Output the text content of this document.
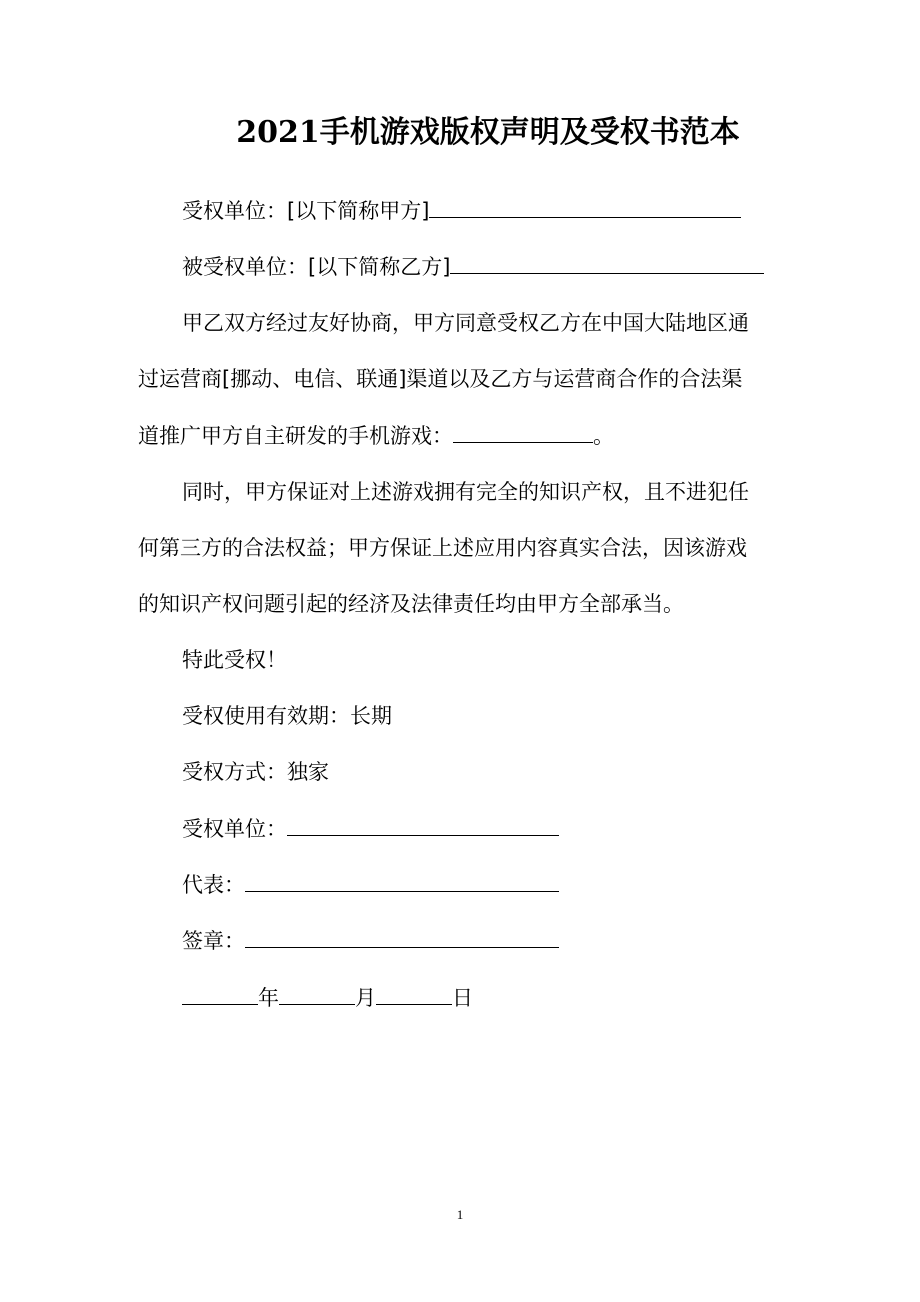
2021手机游戏版权声明及受权书范本
受权单位：[以下简称甲方]
被受权单位：[以下简称乙方]
甲乙双方经过友好协商，甲方同意受权乙方在中国大陆地区通
过运营商[挪动、电信、联通]渠道以及乙方与运营商合作的合法渠
道推广甲方自主研发的手机游戏：	。
同时，甲方保证对上述游戏拥有完全的知识产权，且不进犯任
何第三方的合法权益；甲方保证上述应用内容真实合法，因该游戏
的知识产权问题引起的经济及法律责任均由甲方全部承当。
特此受权！
受权使用有效期：长期
受权方式：独家
受权单位：
代表：
签章：
年	月	日
1
